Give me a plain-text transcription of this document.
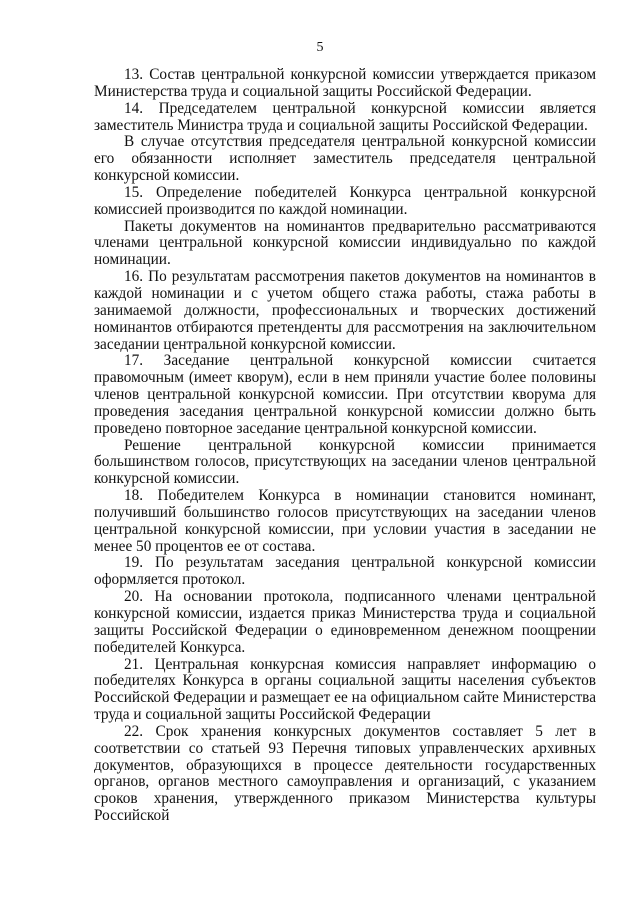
5

13. Состав центральной конкурсной комиссии утверждается приказом Министерства труда и социальной защиты Российской Федерации.

14. Председателем центральной конкурсной комиссии является заместитель Министра труда и социальной защиты Российской Федерации.

В случае отсутствия председателя центральной конкурсной комиссии его обязанности исполняет заместитель председателя центральной конкурсной комиссии.

15. Определение победителей Конкурса центральной конкурсной комиссией производится по каждой номинации.

Пакеты документов на номинантов предварительно рассматриваются членами центральной конкурсной комиссии индивидуально по каждой номинации.

16. По результатам рассмотрения пакетов документов на номинантов в каждой номинации и с учетом общего стажа работы, стажа работы в занимаемой должности, профессиональных и творческих достижений номинантов отбираются претенденты для рассмотрения на заключительном заседании центральной конкурсной комиссии.

17. Заседание центральной конкурсной комиссии считается правомочным (имеет кворум), если в нем приняли участие более половины членов центральной конкурсной комиссии. При отсутствии кворума для проведения заседания центральной конкурсной комиссии должно быть проведено повторное заседание центральной конкурсной комиссии.

Решение центральной конкурсной комиссии принимается большинством голосов, присутствующих на заседании членов центральной конкурсной комиссии.

18. Победителем Конкурса в номинации становится номинант, получивший большинство голосов присутствующих на заседании членов центральной конкурсной комиссии, при условии участия в заседании не менее 50 процентов ее от состава.

19. По результатам заседания центральной конкурсной комиссии оформляется протокол.

20. На основании протокола, подписанного членами центральной конкурсной комиссии, издается приказ Министерства труда и социальной защиты Российской Федерации о единовременном денежном поощрении победителей Конкурса.

21. Центральная конкурсная комиссия направляет информацию о победителях Конкурса в органы социальной защиты населения субъектов Российской Федерации и размещает ее на официальном сайте Министерства труда и социальной защиты Российской Федерации

22. Срок хранения конкурсных документов составляет 5 лет в соответствии со статьей 93 Перечня типовых управленческих архивных документов, образующихся в процессе деятельности государственных органов, органов местного самоуправления и организаций, с указанием сроков хранения, утвержденного приказом Министерства культуры Российской
